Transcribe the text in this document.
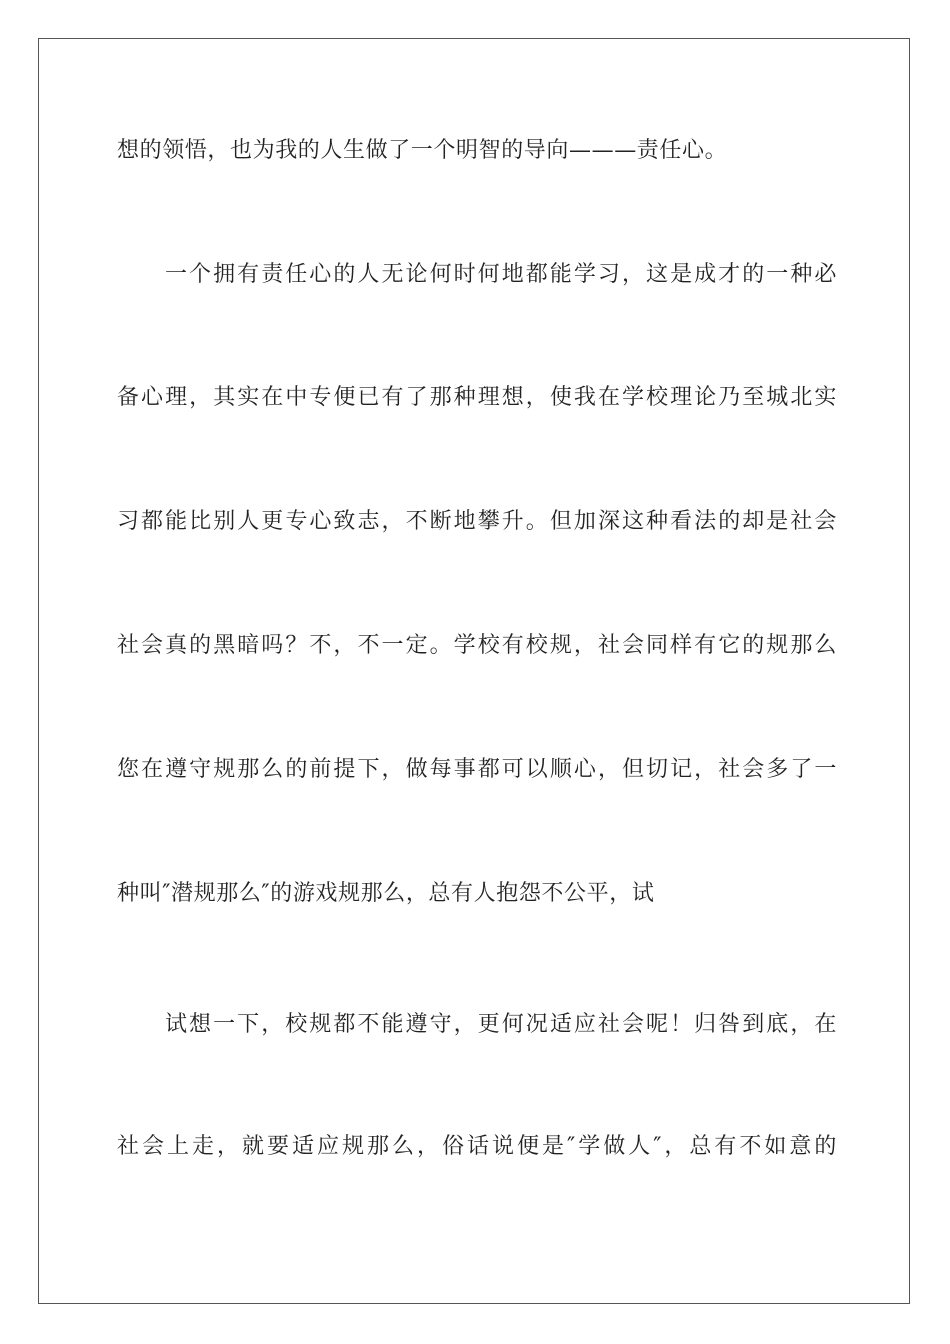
想的领悟，也为我的人生做了一个明智的导向———责任心。
一个拥有责任心的人无论何时何地都能学习，这是成才的一种必
备心理，其实在中专便已有了那种理想，使我在学校理论乃至城北实
习都能比别人更专心致志，不断地攀升。但加深这种看法的却是社会
社会真的黑暗吗？不，不一定。学校有校规，社会同样有它的规那么
您在遵守规那么的前提下，做每事都可以顺心，但切记，社会多了一
种叫″潜规那么″的游戏规那么，总有人抱怨不公平，试
试想一下，校规都不能遵守，更何况适应社会呢！归咎到底，在
社会上走，就要适应规那么，俗话说便是″学做人″，总有不如意的
